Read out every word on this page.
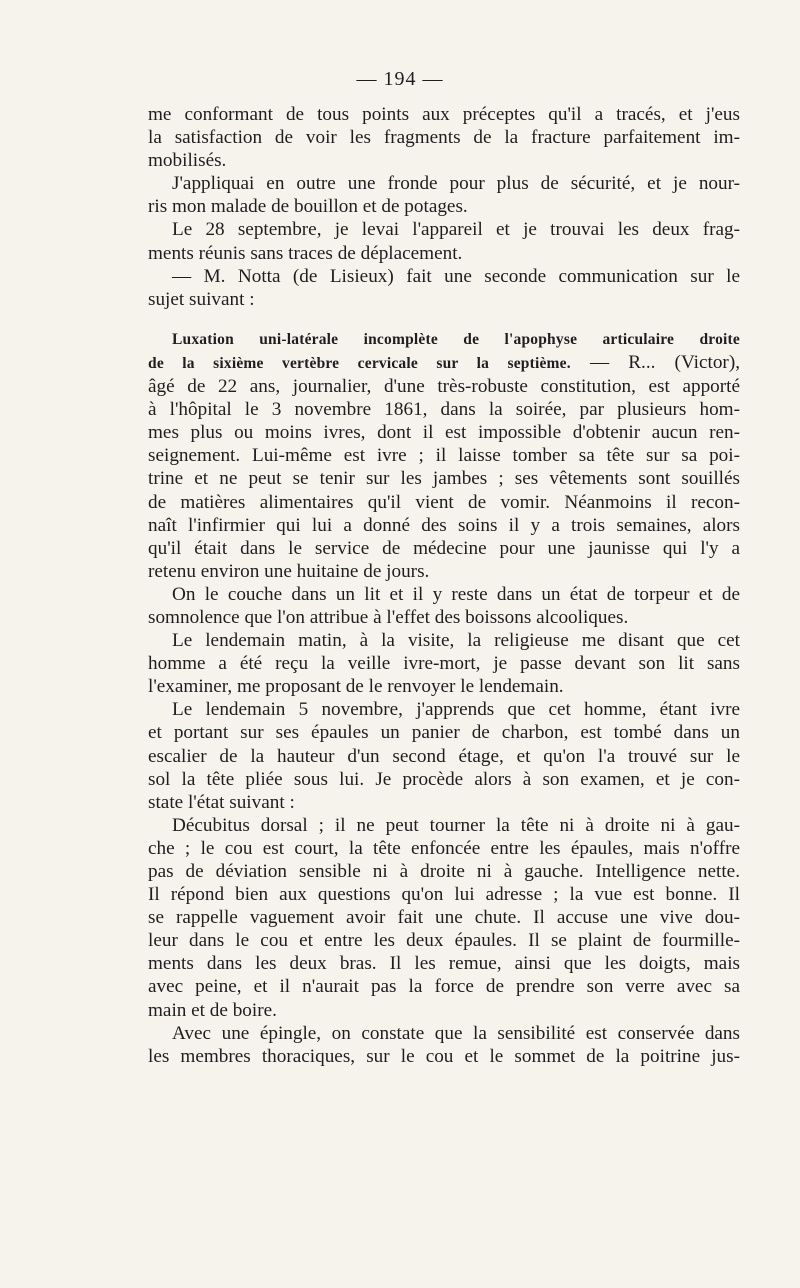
— 194 —
me conformant de tous points aux préceptes qu'il a tracés, et j'eus
la satisfaction de voir les fragments de la fracture parfaitement im-
mobilisés.
J'appliquai en outre une fronde pour plus de sécurité, et je nour-
ris mon malade de bouillon et de potages.
Le 28 septembre, je levai l'appareil et je trouvai les deux frag-
ments réunis sans traces de déplacement.
— M. Notta (de Lisieux) fait une seconde communication sur le
sujet suivant :
Luxation uni-latérale incomplète de l'apophyse articulaire droite
de la sixième vertèbre cervicale sur la septième. — R... (Victor),
âgé de 22 ans, journalier, d'une très-robuste constitution, est apporté
à l'hôpital le 3 novembre 1861, dans la soirée, par plusieurs hom-
mes plus ou moins ivres, dont il est impossible d'obtenir aucun ren-
seignement. Lui-même est ivre ; il laisse tomber sa tête sur sa poi-
trine et ne peut se tenir sur les jambes ; ses vêtements sont souillés
de matières alimentaires qu'il vient de vomir. Néanmoins il recon-
naît l'infirmier qui lui a donné des soins il y a trois semaines, alors
qu'il était dans le service de médecine pour une jaunisse qui l'y a
retenu environ une huitaine de jours.
On le couche dans un lit et il y reste dans un état de torpeur et de
somnolence que l'on attribue à l'effet des boissons alcooliques.
Le lendemain matin, à la visite, la religieuse me disant que cet
homme a été reçu la veille ivre-mort, je passe devant son lit sans
l'examiner, me proposant de le renvoyer le lendemain.
Le lendemain 5 novembre, j'apprends que cet homme, étant ivre
et portant sur ses épaules un panier de charbon, est tombé dans un
escalier de la hauteur d'un second étage, et qu'on l'a trouvé sur le
sol la tête pliée sous lui. Je procède alors à son examen, et je con-
state l'état suivant :
Décubitus dorsal ; il ne peut tourner la tête ni à droite ni à gau-
che ; le cou est court, la tête enfoncée entre les épaules, mais n'offre
pas de déviation sensible ni à droite ni à gauche. Intelligence nette.
Il répond bien aux questions qu'on lui adresse ; la vue est bonne. Il
se rappelle vaguement avoir fait une chute. Il accuse une vive dou-
leur dans le cou et entre les deux épaules. Il se plaint de fourmille-
ments dans les deux bras. Il les remue, ainsi que les doigts, mais
avec peine, et il n'aurait pas la force de prendre son verre avec sa
main et de boire.
Avec une épingle, on constate que la sensibilité est conservée dans
les membres thoraciques, sur le cou et le sommet de la poitrine jus-
